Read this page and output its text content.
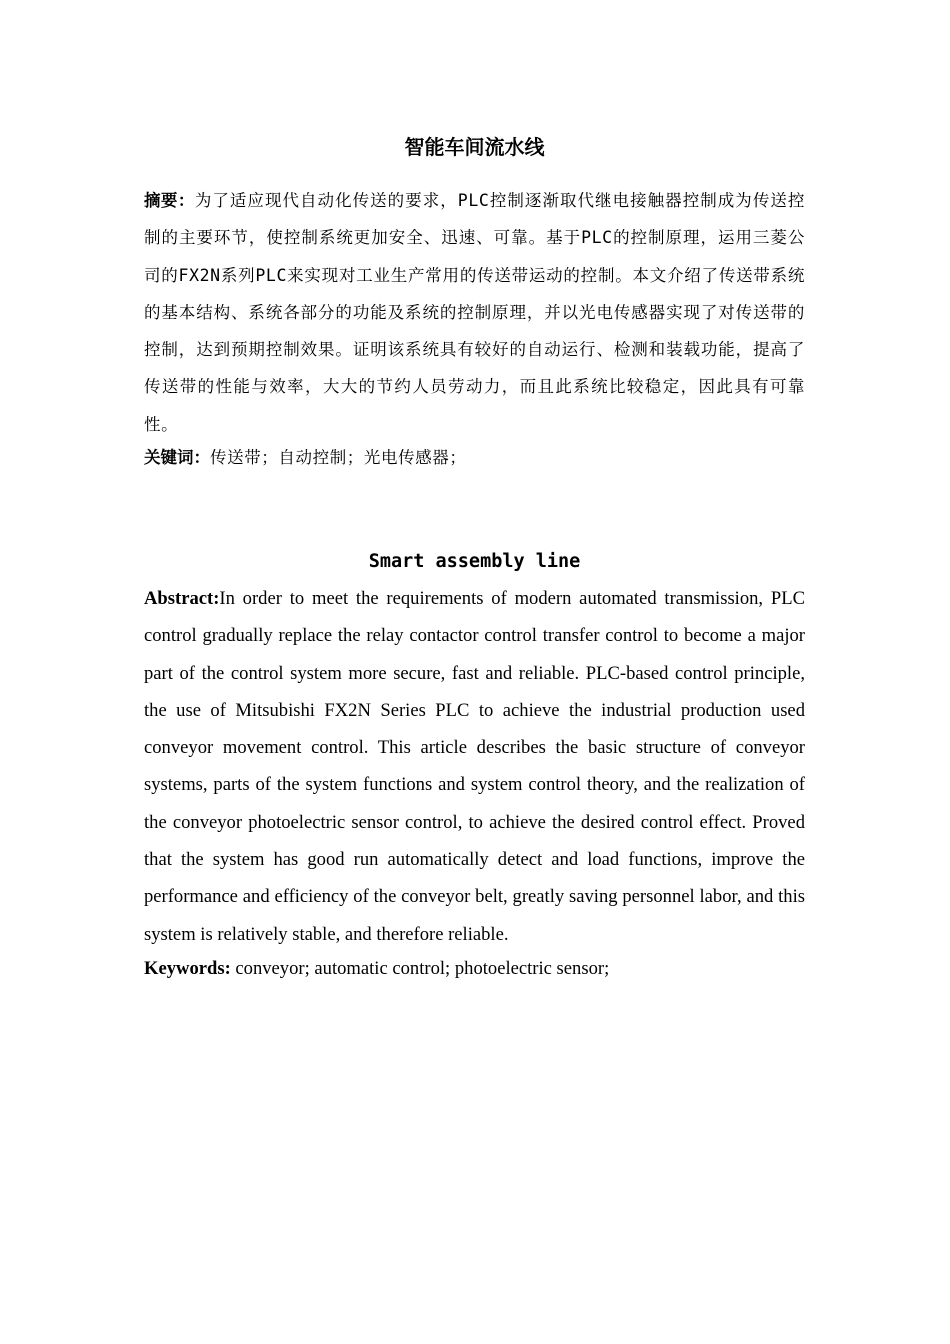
智能车间流水线

摘要：为了适应现代自动化传送的要求，PLC控制逐渐取代继电接触器控制成为传送控制的主要环节，使控制系统更加安全、迅速、可靠。基于PLC的控制原理，运用三菱公司的FX2N系列PLC来实现对工业生产常用的传送带运动的控制。本文介绍了传送带系统的基本结构、系统各部分的功能及系统的控制原理，并以光电传感器实现了对传送带的控制，达到预期控制效果。证明该系统具有较好的自动运行、检测和装载功能，提高了传送带的性能与效率，大大的节约人员劳动力，而且此系统比较稳定，因此具有可靠性。

关键词：传送带；自动控制；光电传感器；

Smart assembly line

Abstract:In order to meet the requirements of modern automated transmission, PLC control gradually replace the relay contactor control transfer control to become a major part of the control system more secure, fast and reliable. PLC-based control principle, the use of Mitsubishi FX2N Series PLC to achieve the industrial production used conveyor movement control. This article describes the basic structure of conveyor systems, parts of the system functions and system control theory, and the realization of the conveyor photoelectric sensor control, to achieve the desired control effect. Proved that the system has good run automatically detect and load functions, improve the performance and efficiency of the conveyor belt, greatly saving personnel labor, and this system is relatively stable, and therefore reliable.

Keywords: conveyor; automatic control; photoelectric sensor;
